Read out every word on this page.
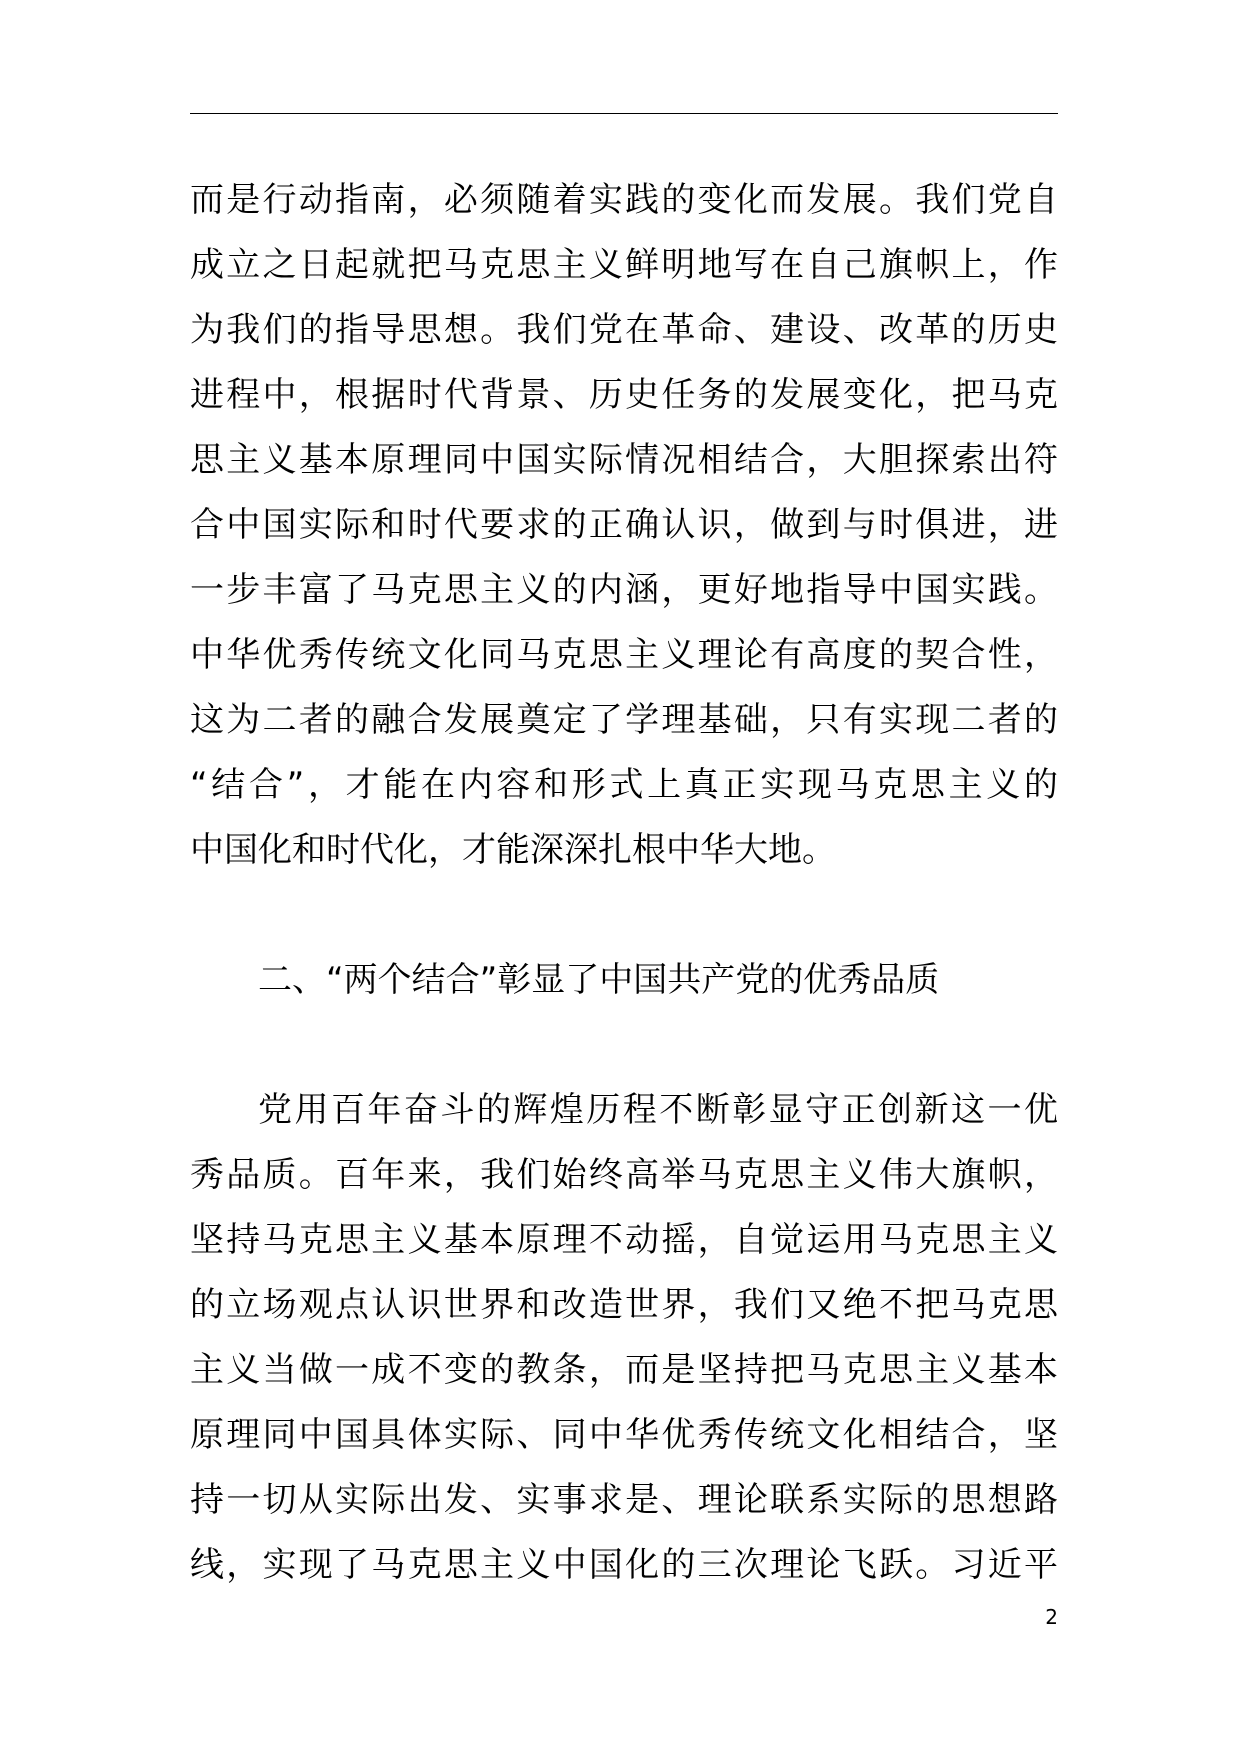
而是行动指南，必须随着实践的变化而发展。我们党自
成立之日起就把马克思主义鲜明地写在自己旗帜上，作
为我们的指导思想。我们党在革命、建设、改革的历史
进程中，根据时代背景、历史任务的发展变化，把马克
思主义基本原理同中国实际情况相结合，大胆探索出符
合中国实际和时代要求的正确认识，做到与时俱进，进
一步丰富了马克思主义的内涵，更好地指导中国实践。
中华优秀传统文化同马克思主义理论有高度的契合性，
这为二者的融合发展奠定了学理基础，只有实现二者的
“结合”，才能在内容和形式上真正实现马克思主义的
中国化和时代化，才能深深扎根中华大地。
二、“两个结合”彰显了中国共产党的优秀品质
党用百年奋斗的辉煌历程不断彰显守正创新这一优
秀品质。百年来，我们始终高举马克思主义伟大旗帜，
坚持马克思主义基本原理不动摇，自觉运用马克思主义
的立场观点认识世界和改造世界，我们又绝不把马克思
主义当做一成不变的教条，而是坚持把马克思主义基本
原理同中国具体实际、同中华优秀传统文化相结合，坚
持一切从实际出发、实事求是、理论联系实际的思想路
线，实现了马克思主义中国化的三次理论飞跃。习近平
2
